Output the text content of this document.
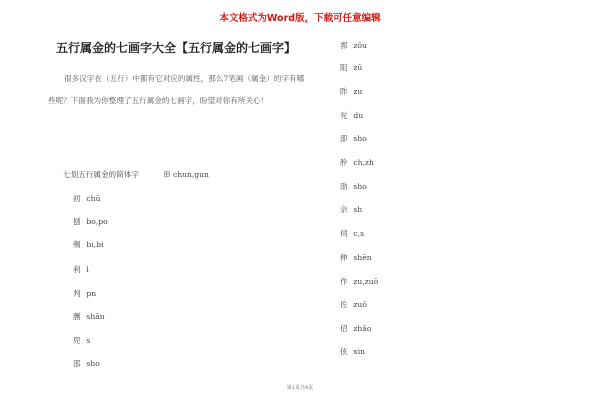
本文格式为Word版，下载可任意编辑
五行属金的七画字大全【五行属金的七画字】
很多汉字在（五行）中都有它对应的属性，那么7笔画（属金）的字有哪些呢？下面我为你整理了五行属金的七画字，盼望对你有所关心！
七划五行属金的简体字	串 chun,gun
初 chū
刨 bo,po
刜 bi,bi
利 l
判 pn
删 shān
兕 s
邵 sho
郛 zōu
阻 zū
阼 zu
兊 du
卲 sho
肸 ch,zh
劭 sho
佘 sh
伺 c,s
伸 shēn
作 zu,zuō
佐 zuō
佋 zhāo
伭 xin
第1页共4页
